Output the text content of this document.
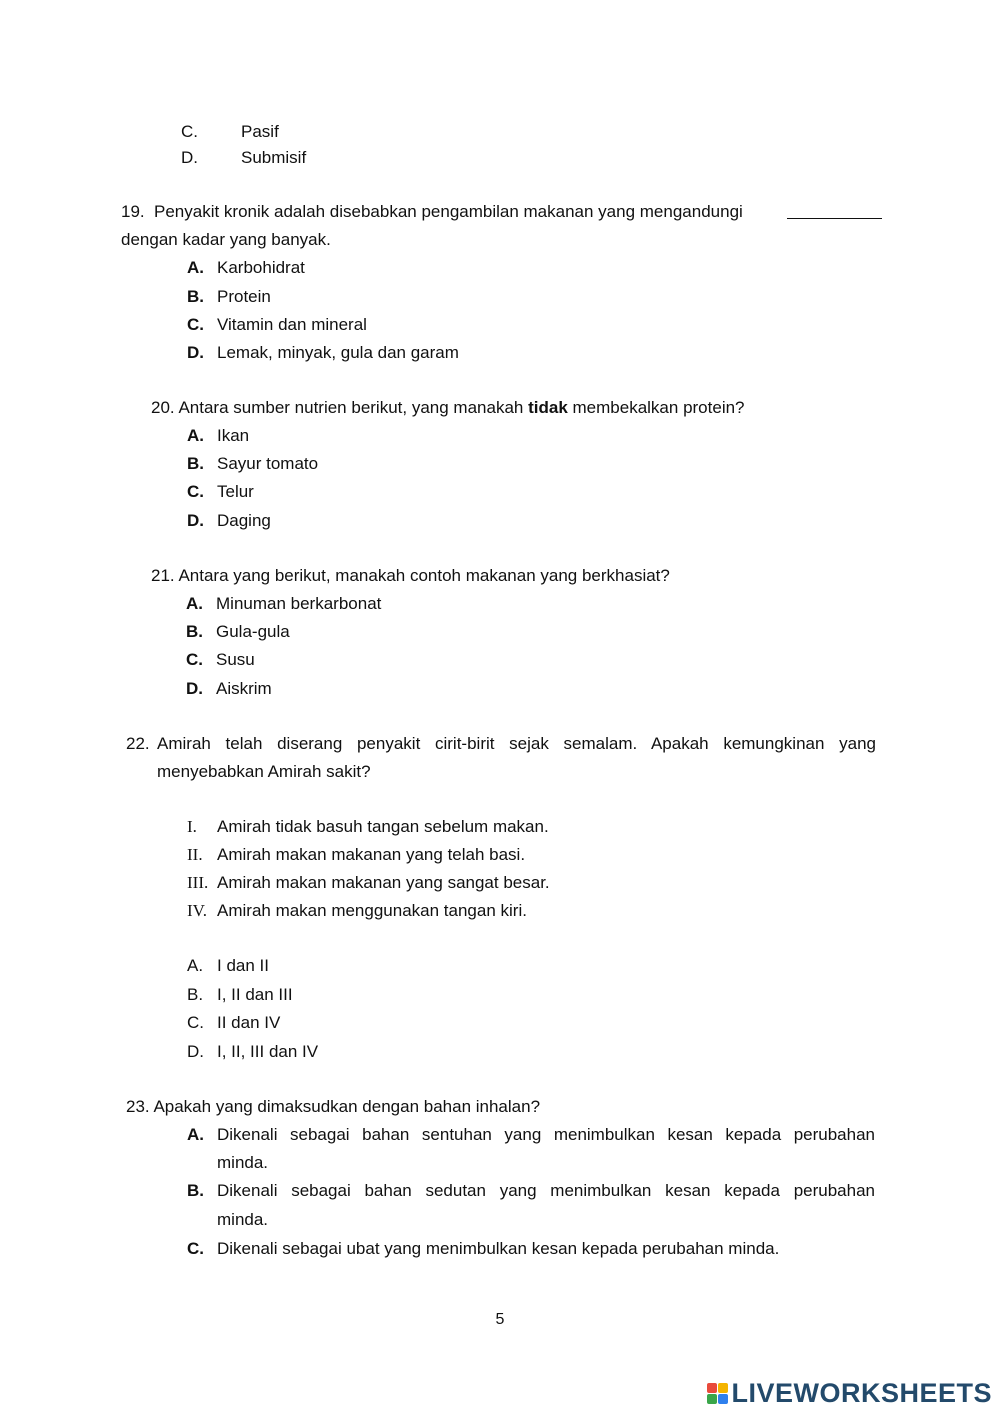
C.	Pasif
D.	Submisif
19. Penyakit kronik adalah disebabkan pengambilan makanan yang mengandungi
dengan kadar yang banyak.
A. Karbohidrat
B. Protein
C. Vitamin dan mineral
D. Lemak, minyak, gula dan garam
20. Antara sumber nutrien berikut, yang manakah tidak membekalkan protein?
A. Ikan
B. Sayur tomato
C. Telur
D. Daging
21. Antara yang berikut, manakah contoh makanan yang berkhasiat?
A. Minuman berkarbonat
B. Gula-gula
C. Susu
D. Aiskrim
22. Amirah telah diserang penyakit cirit-birit sejak semalam. Apakah kemungkinan yang
menyebabkan Amirah sakit?
I. Amirah tidak basuh tangan sebelum makan.
II. Amirah makan makanan yang telah basi.
III. Amirah makan makanan yang sangat besar.
IV. Amirah makan menggunakan tangan kiri.
A. I dan II
B. I, II dan III
C. II dan IV
D. I, II, III dan IV
23. Apakah yang dimaksudkan dengan bahan inhalan?
A. Dikenali sebagai bahan sentuhan yang menimbulkan kesan kepada perubahan
minda.
B. Dikenali sebagai bahan sedutan yang menimbulkan kesan kepada perubahan
minda.
C. Dikenali sebagai ubat yang menimbulkan kesan kepada perubahan minda.
5
LIVEWORKSHEETS
